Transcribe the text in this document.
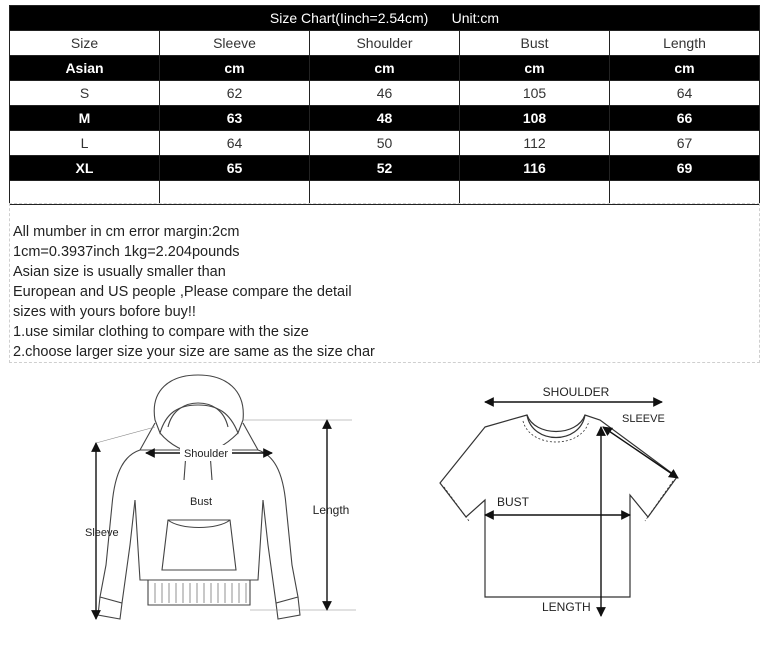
Size Chart(Iinch=2.54cm)      Unit:cm				
Size	Sleeve	Shoulder	Bust	Length
Asian	cm	cm	cm	cm
S	62	46	105	64
M	63	48	108	66
L	64	50	112	67
XL	65	52	116	69

All mumber in cm error margin:2cm

1cm=0.3937inch 1kg=2.204pounds

Asian size is usually smaller than

European and US people ,Please compare the detail

sizes with yours bofore buy!!

1.use similar clothing to compare with the size

2.choose larger size your size are same as the size char

Shoulder
Bust
Length
Sleeve
SHOULDER
SLEEVE
BUST
LENGTH
